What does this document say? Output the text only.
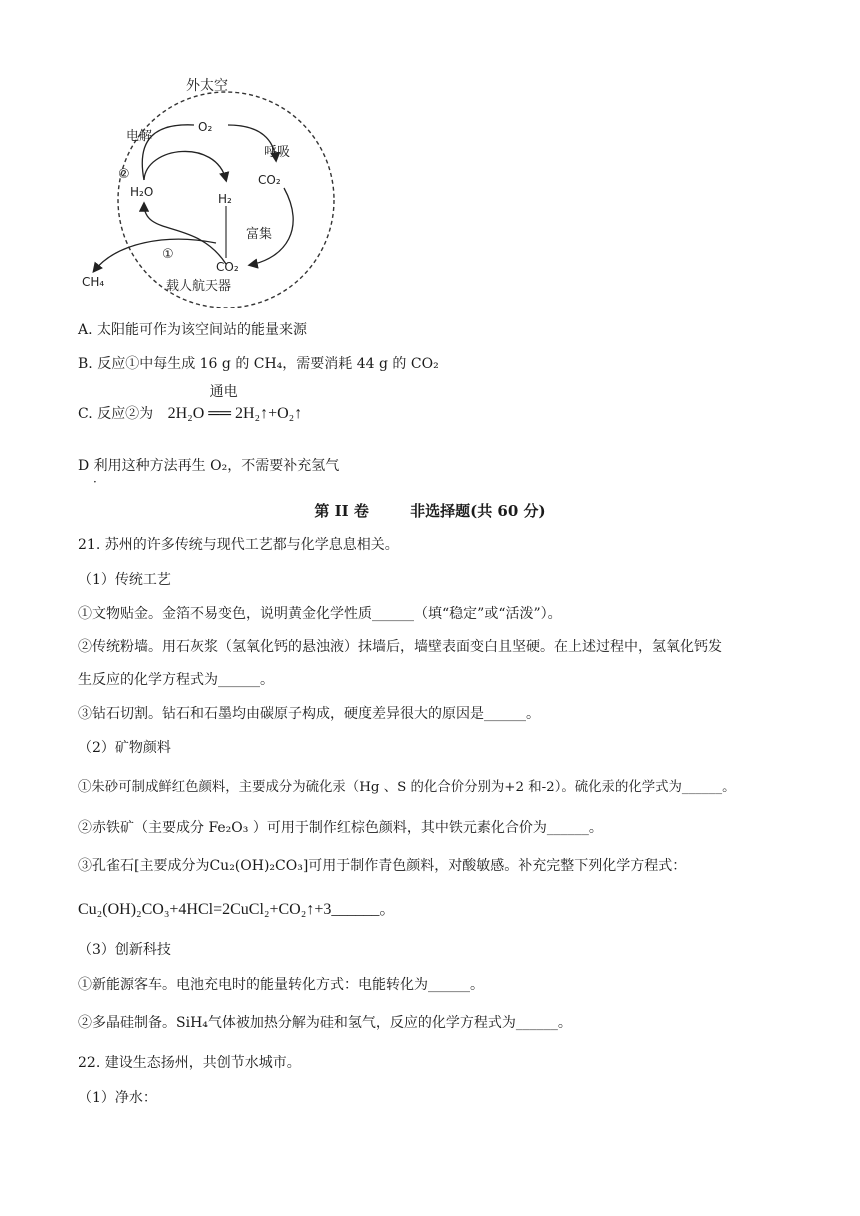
外太空
电解
O₂
呼吸
②
H₂O	H₂
CO₂
富集
①
CH₄
CO₂
载人航天器
A. 太阳能可作为该空间站的能量来源
B. 反应①中每生成 16 g 的 CH₄，需要消耗 44 g 的 CO₂
C. 反应②为
通电
2H₂O ══ 2H₂↑+O₂↑
D 利用这种方法再生 O₂，不需要补充氢气
·
第 II 卷	非选择题(共 60 分)
21. 苏州的许多传统与现代工艺都与化学息息相关。
（1）传统工艺
①文物贴金。金箔不易变色，说明黄金化学性质______（填“稳定”或“活泼”）。
②传统粉墙。用石灰浆（氢氧化钙的悬浊液）抹墙后，墙壁表面变白且坚硬。在上述过程中，氢氧化钙发
生反应的化学方程式为______。
③钻石切割。钻石和石墨均由碳原子构成，硬度差异很大的原因是______。
（2）矿物颜料
①朱砂可制成鲜红色颜料，主要成分为硫化汞（Hg 、S 的化合价分别为+2 和-2）。硫化汞的化学式为______。
②赤铁矿（主要成分 Fe₂O₃ ）可用于制作红棕色颜料，其中铁元素化合价为______。
③孔雀石[主要成分为Cu₂(OH)₂CO₃]可用于制作青色颜料，对酸敏感。补充完整下列化学方程式：
Cu₂(OH)₂CO₃+4HCl=2CuCl₂+CO₂↑+3______。
（3）创新科技
①新能源客车。电池充电时的能量转化方式：电能转化为______。
②多晶硅制备。SiH₄气体被加热分解为硅和氢气，反应的化学方程式为______。
22. 建设生态扬州，共创节水城市。
（1）净水：
